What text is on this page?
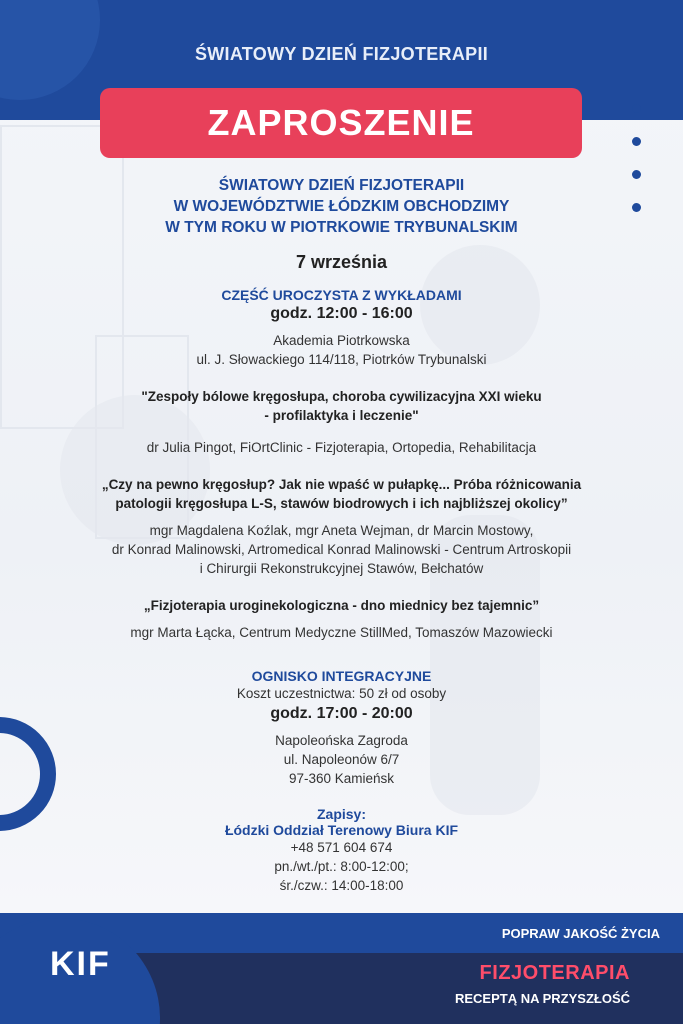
ŚWIATOWY DZIEŃ FIZJOTERAPII
ZAPROSZENIE
ŚWIATOWY DZIEŃ FIZJOTERAPII
W WOJEWÓDZTWIE ŁÓDZKIM OBCHODZIMY
W TYM ROKU W PIOTRKOWIE TRYBUNALSKIM
7 września
CZĘŚĆ UROCZYSTA Z WYKŁADAMI
godz. 12:00 - 16:00
Akademia Piotrkowska
ul. J. Słowackiego 114/118, Piotrków Trybunalski
"Zespoły bólowe kręgosłupa, choroba cywilizacyjna XXI wieku
- profilaktyka i leczenie"
dr Julia Pingot, FiOrtClinic - Fizjoterapia, Ortopedia, Rehabilitacja
„Czy na pewno kręgosłup? Jak nie wpaść w pułapkę... Próba różnicowania
patologii kręgosłupa L-S, stawów biodrowych i ich najbliższej okolicy”
mgr Magdalena Koźlak, mgr Aneta Wejman, dr Marcin Mostowy,
dr Konrad Malinowski, Artromedical Konrad Malinowski - Centrum Artroskopii
i Chirurgii Rekonstrukcyjnej Stawów, Bełchatów
„Fizjoterapia uroginekologiczna - dno miednicy bez tajemnic”
mgr Marta Łącka, Centrum Medyczne StillMed, Tomaszów Mazowiecki
OGNISKO INTEGRACYJNE
Koszt uczestnictwa: 50 zł od osoby
godz. 17:00 - 20:00
Napoleońska Zagroda
ul. Napoleonów 6/7
97-360 Kamieńsk
Zapisy:
Łódzki Oddział Terenowy Biura KIF
+48 571 604 674
pn./wt./pt.: 8:00-12:00;
śr./czw.: 14:00-18:00
KIF
POPRAW JAKOŚĆ ŻYCIA
FIZJOTERAPIA
RECEPTĄ NA PRZYSZŁOŚĆ
